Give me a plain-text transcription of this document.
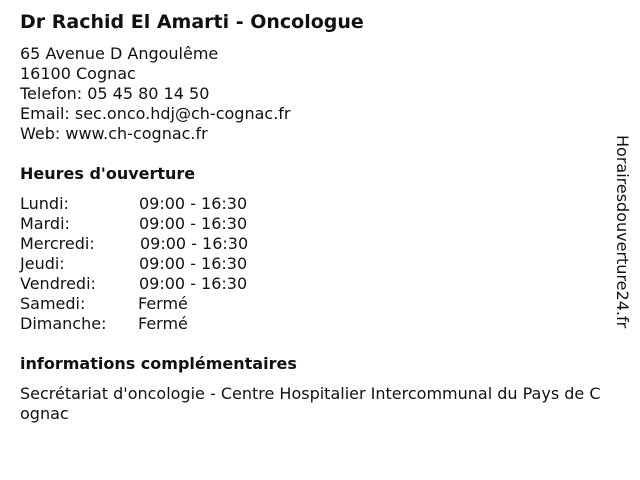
Dr Rachid El Amarti - Oncologue
65 Avenue D Angoulême
16100 Cognac
Telefon: 05 45 80 14 50
Email: sec.onco.hdj@ch-cognac.fr
Web: www.ch-cognac.fr
Heures d'ouverture
Lundi:	09:00 - 16:30
Mardi:	09:00 - 16:30
Mercredi:	09:00 - 16:30
Jeudi:	09:00 - 16:30
Vendredi:	09:00 - 16:30
Samedi:	Fermé
Dimanche: Fermé
informations complémentaires
Secrétariat d'oncologie - Centre Hospitalier Intercommunal du Pays de Cognac
Horairesdouverture24.fr
